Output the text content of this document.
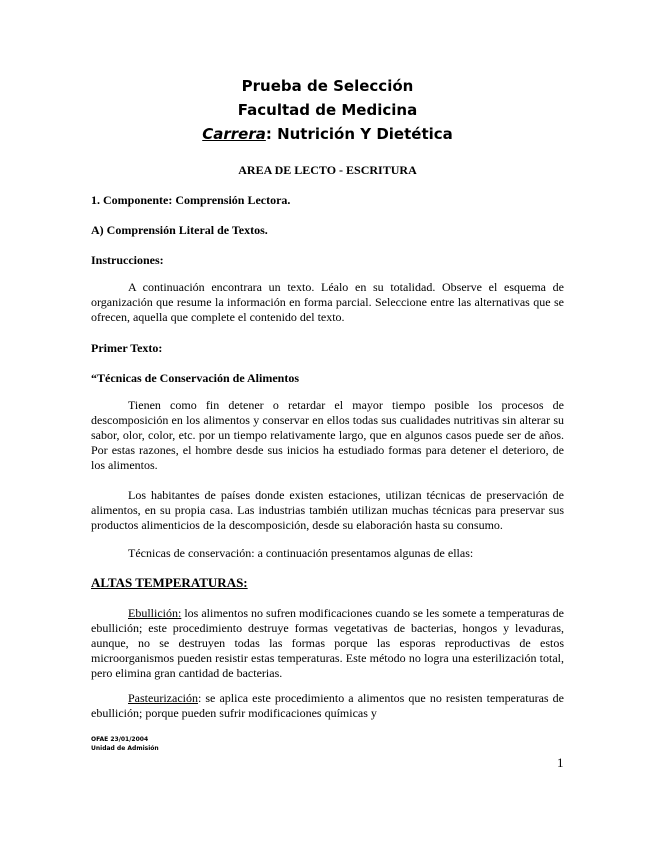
Prueba de Selección
Facultad de Medicina
Carrera: Nutrición Y Dietética
AREA DE LECTO - ESCRITURA
1. Componente: Comprensión Lectora.
A) Comprensión Literal de Textos.
Instrucciones:
A continuación encontrara un texto. Léalo en su totalidad. Observe el esquema de organización que resume la información en forma parcial. Seleccione entre las alternativas que se ofrecen, aquella que complete el contenido del texto.
Primer Texto:
“Técnicas de Conservación de Alimentos
Tienen como fin detener o retardar el mayor tiempo posible los procesos de descomposición en los alimentos y conservar en ellos todas sus cualidades nutritivas sin alterar su sabor, olor, color, etc. por un tiempo relativamente largo, que en algunos casos puede ser de años. Por estas razones, el hombre desde sus inicios ha estudiado formas para detener el deterioro, de los alimentos.
Los habitantes de países donde existen estaciones, utilizan técnicas de preservación de alimentos, en su propia casa. Las industrias también utilizan muchas técnicas para preservar sus productos alimenticios de la descomposición, desde su elaboración hasta su consumo.
Técnicas de conservación: a continuación presentamos algunas de ellas:
ALTAS TEMPERATURAS:
Ebullición: los alimentos no sufren modificaciones cuando se les somete a temperaturas de ebullición; este procedimiento destruye formas vegetativas de bacterias, hongos y levaduras, aunque, no se destruyen todas las formas porque las esporas reproductivas de estos microorganismos pueden resistir estas temperaturas. Este método no logra una esterilización total, pero elimina gran cantidad de bacterias.
Pasteurización: se aplica este procedimiento a alimentos que no resisten temperaturas de ebullición; porque pueden sufrir modificaciones químicas y
OFAE 23/01/2004
Unidad de Admisión
1
